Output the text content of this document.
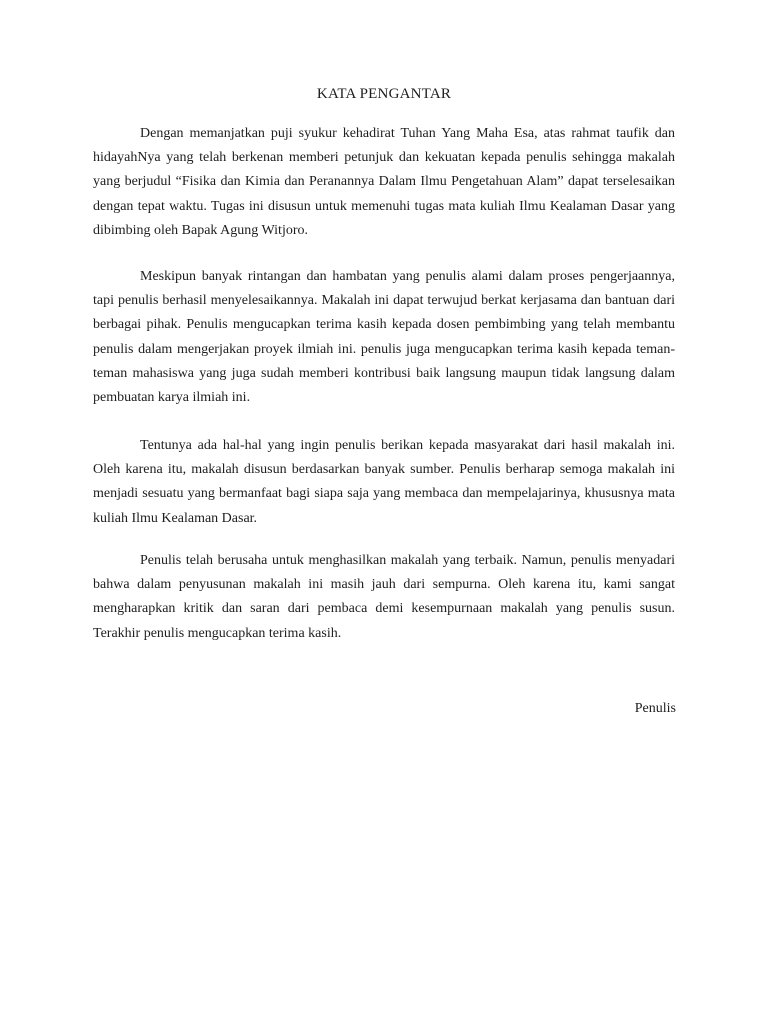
KATA PENGANTAR

Dengan memanjatkan puji syukur kehadirat Tuhan Yang Maha Esa, atas rahmat taufik dan hidayahNya yang telah berkenan memberi petunjuk dan kekuatan kepada penulis sehingga makalah yang berjudul “Fisika dan Kimia dan Peranannya Dalam Ilmu Pengetahuan Alam” dapat terselesaikan dengan tepat waktu. Tugas ini disusun untuk memenuhi tugas mata kuliah Ilmu Kealaman Dasar yang dibimbing oleh Bapak Agung Witjoro.

Meskipun banyak rintangan dan hambatan yang penulis alami dalam proses pengerjaannya, tapi penulis berhasil menyelesaikannya. Makalah ini dapat terwujud berkat kerjasama dan bantuan dari berbagai pihak. Penulis mengucapkan terima kasih kepada dosen pembimbing yang telah membantu penulis dalam mengerjakan proyek ilmiah ini. penulis juga mengucapkan terima kasih kepada teman-teman mahasiswa yang juga sudah memberi kontribusi baik langsung maupun tidak langsung dalam pembuatan karya ilmiah ini.

Tentunya ada hal-hal yang ingin penulis berikan kepada masyarakat dari hasil makalah ini. Oleh karena itu, makalah disusun berdasarkan banyak sumber. Penulis berharap semoga makalah ini menjadi sesuatu yang bermanfaat bagi siapa saja yang membaca dan mempelajarinya, khususnya mata kuliah Ilmu Kealaman Dasar.

Penulis telah berusaha untuk menghasilkan makalah yang terbaik. Namun, penulis menyadari bahwa dalam penyusunan makalah ini masih jauh dari sempurna. Oleh karena itu, kami sangat mengharapkan kritik dan saran dari pembaca demi kesempurnaan makalah yang penulis susun. Terakhir penulis mengucapkan terima kasih.

Penulis
